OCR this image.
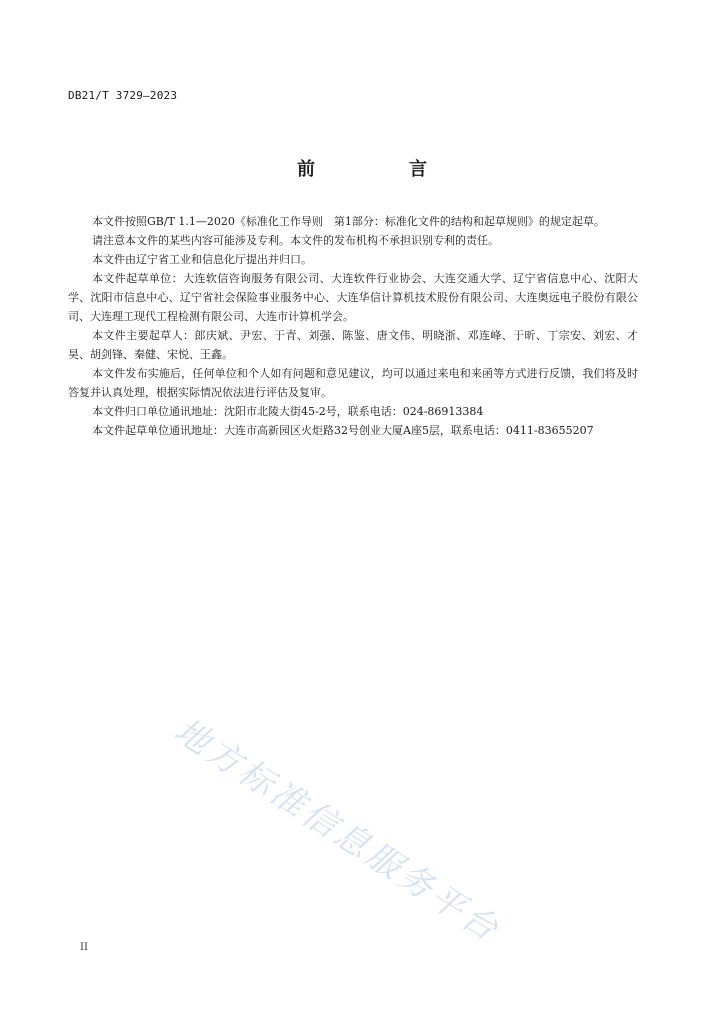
DB21/T 3729—2023
前　言

本文件按照GB/T 1.1—2020《标准化工作导则　第1部分：标准化文件的结构和起草规则》的规定起草。

请注意本文件的某些内容可能涉及专利。本文件的发布机构不承担识别专利的责任。

本文件由辽宁省工业和信息化厅提出并归口。

本文件起草单位：大连软信咨询服务有限公司、大连软件行业协会、大连交通大学、辽宁省信息中心、沈阳大学、沈阳市信息中心、辽宁省社会保险事业服务中心、大连华信计算机技术股份有限公司、大连奥远电子股份有限公司、大连理工现代工程检测有限公司、大连市计算机学会。

本文件主要起草人：郎庆斌、尹宏、于青、刘强、陈鉴、唐文伟、明晓浙、邓连峰、于昕、丁宗安、刘宏、才昊、胡剑锋、秦健、宋悦、王鑫。

本文件发布实施后，任何单位和个人如有问题和意见建议，均可以通过来电和来函等方式进行反馈，我们将及时答复并认真处理，根据实际情况依法进行评估及复审。

本文件归口单位通讯地址：沈阳市北陵大街45-2号，联系电话：024-86913384

本文件起草单位通讯地址：大连市高新园区火炬路32号创业大厦A座5层，联系电话：0411-83655207

地方标准信息服务平台
II
